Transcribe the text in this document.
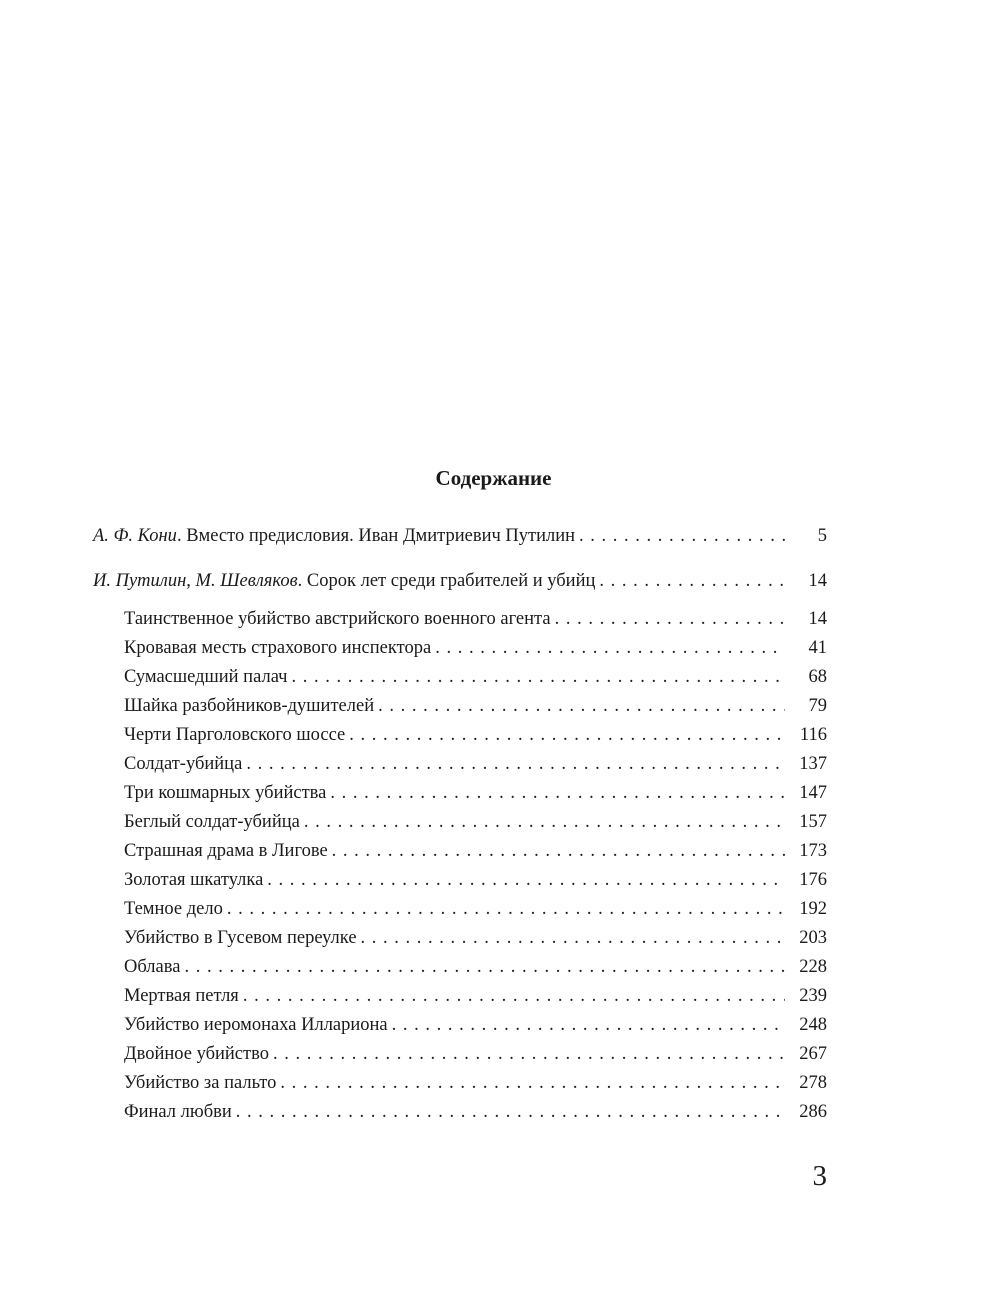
Содержание
А. Ф. Кони. Вместо предисловия. Иван Дмитриевич Путилин . . .	5
И. Путилин, М. Шевляков. Сорок лет среди грабителей и убийц . . .	14
Таинственное убийство австрийского военного агента . . .	14
Кровавая месть страхового инспектора . . .	41
Сумасшедший палач . . .	68
Шайка разбойников-душителей . . .	79
Черти Парголовского шоссе . . .	116
Солдат-убийца . . .	137
Три кошмарных убийства . . .	147
Беглый солдат-убийца . . .	157
Страшная драма в Лигове . . .	173
Золотая шкатулка . . .	176
Темное дело . . .	192
Убийство в Гусевом переулке . . .	203
Облава . . .	228
Мертвая петля . . .	239
Убийство иеромонаха Иллариона . . .	248
Двойное убийство . . .	267
Убийство за пальто . . .	278
Финал любви . . .	286

3
